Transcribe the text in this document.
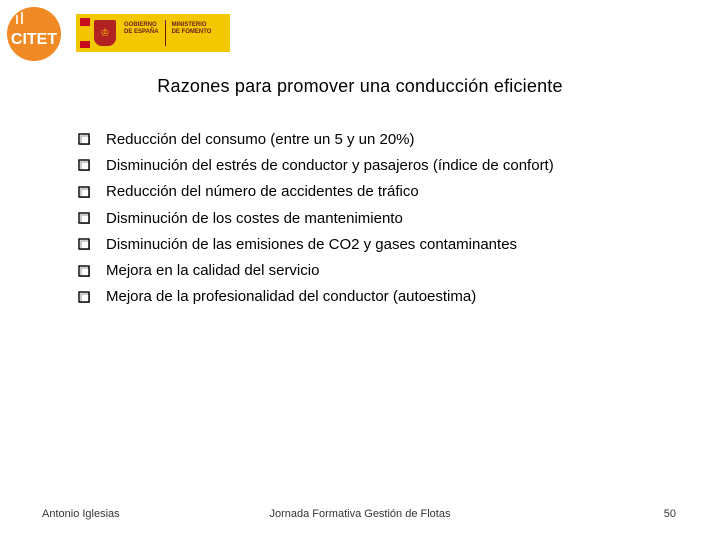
CITET	♔
GOBIERNO
DE ESPAÑA
MINISTERIO
DE FOMENTO
Razones para promover una conducción eficiente
Reducción del consumo (entre un 5 y un 20%)
Disminución del estrés de conductor y pasajeros (índice de confort)
Reducción del número de accidentes de tráfico
Disminución de los costes de mantenimiento
Disminución de las emisiones de CO2 y gases contaminantes
Mejora en la calidad del servicio
Mejora de la profesionalidad del conductor (autoestima)
Antonio Iglesias	Jornada Formativa Gestión de Flotas	50
